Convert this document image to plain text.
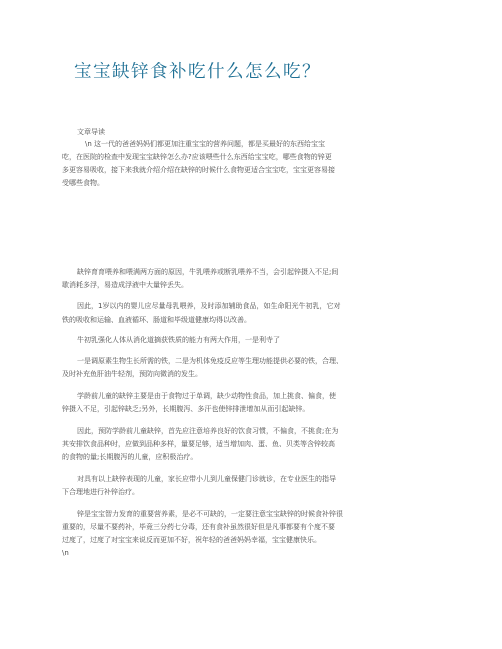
宝宝缺锌食补吃什么怎么吃？

文章导读

\n 这一代的爸爸妈妈们都更加注重宝宝的营养问题，都是买最好的东西给宝宝

吃，在医院的检查中发现宝宝缺锌怎么办?应该喂些什么东西给宝宝吃，哪些食物的锌更

多更容易吸收，接下来我就介绍介绍在缺锌的时候什么食物更适合宝宝吃，宝宝更容易接

受哪些食物。

缺锌育育喂养和喂满两方面的原因，牛乳喂养或断乳喂养不当，会引起锌摄入不足;间

歇消耗多浮，易造成浮液中大量锌丢失。

因此，1岁以内的婴儿应尽量母乳喂养，及时添加辅助食品，如生命阳光牛初乳，它对

铁的吸收和运输、血液循环、肠道和毕级道健康均得以改善。

牛初乳强化人体从消化道摘获铁质的能力有两大作用，一是利寺了

一是调原素生物生长所需的铁，二是为机体免疫反应等生理功能提供必要的铁，合理、

及时补充鱼肝油牛轻剂，预防向微消的发生。

学龄前儿童的缺锌主要是由于食物过于单调，缺少动物性食品，加上挑食、偏食，使

锌摄入不足，引起锌缺乏;另外，长期腹泻、多汗也使锌排泄增加从而引起缺锌。

因此，预防学龄前儿童缺锌，首先应注意培养良好的饮食习惯，不偏食，不挑食;在为

其安排饮食品种时，应做到品种多样，量要足够，适当增加肉、蛋、鱼、贝类等含锌较高

的食物的量;长期腹泻的儿童，应积极治疗。

对具有以上缺锌表现的儿童，家长应带小儿到儿童保健门诊就诊，在专业医生的指导

下合理地进行补锌治疗。

锌是宝宝智力发育的重要营养素，是必不可缺的，一定要注意宝宝缺锌的时候食补锌很

重要的，尽量不要药补，毕竟三分药七分毒，还有食补虽然很好但是凡事都要有个度不要

过度了，过度了对宝宝来说反而更加不好，祝年轻的爸爸妈妈幸福，宝宝健康快乐。

\n
